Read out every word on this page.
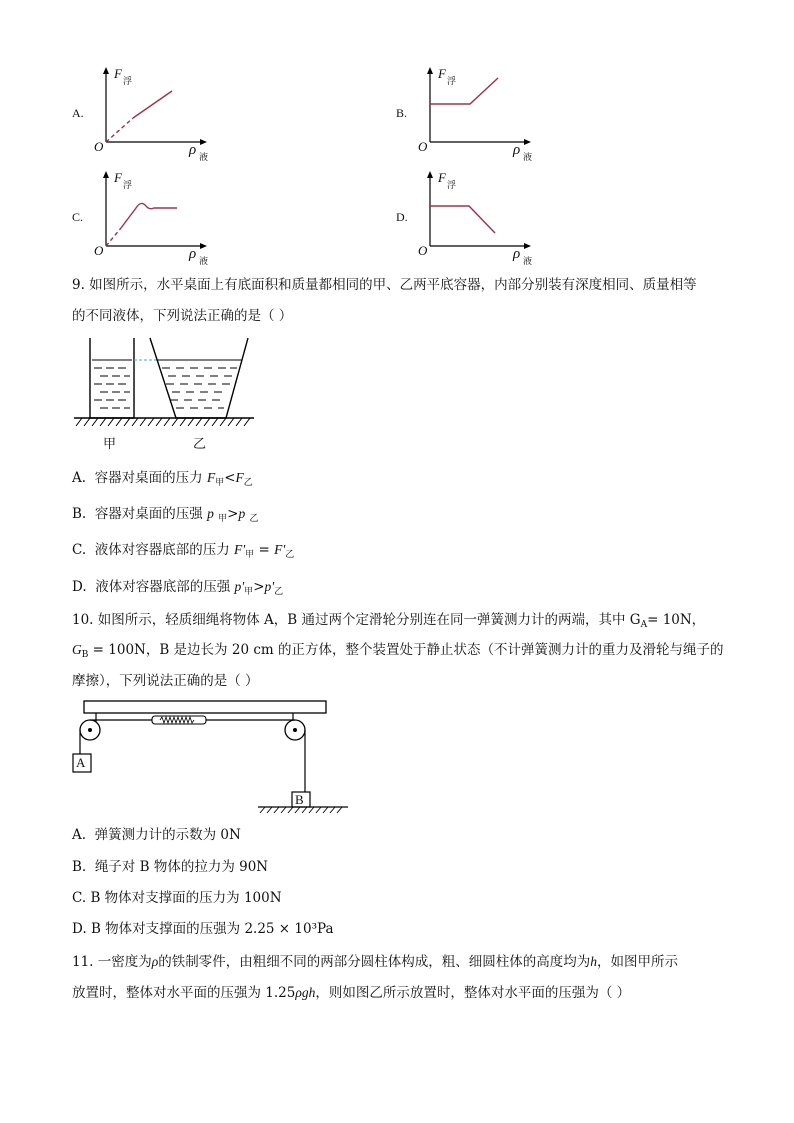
A.
F
浮
O	ρ 液
B.
F
浮
O	ρ 液
C.
F
浮
O	ρ 液
D.
F
浮
O	ρ 液
9. 如图所示，水平桌面上有底面积和质量都相同的甲、乙两平底容器，内部分别装有深度相同、质量相等
的不同液体，下列说法正确的是（ ）
甲	乙
A. 容器对桌面的压力 $F_甲<F_乙$
B. 容器对桌面的压强 p $_甲$>p $_乙$
C. 液体对容器底部的压力 $F'_甲 = F'_乙$
D. 液体对容器底部的压强 $p'_甲>p'_乙$
10. 如图所示，轻质细绳将物体 A，B 通过两个定滑轮分别连在同一弹簧测力计的两端，其中 $G_A= 10N$，
$G_B = 100N$，B 是边长为 20 cm 的正方体，整个装置处于静止状态（不计弹簧测力计的重力及滑轮与绳子的
摩擦），下列说法正确的是（ ）
A
B
A. 弹簧测力计的示数为 0N
B. 绳子对 B 物体的拉力为 90N
C. B 物体对支撑面的压力为 100N
D. B 物体对支撑面的压强为 2.25 × 10³Pa
11. 一密度为ρ的铁制零件，由粗细不同的两部分圆柱体构成，粗、细圆柱体的高度均为h，如图甲所示
放置时，整体对水平面的压强为 1.25ρgh，则如图乙所示放置时，整体对水平面的压强为（ ）
